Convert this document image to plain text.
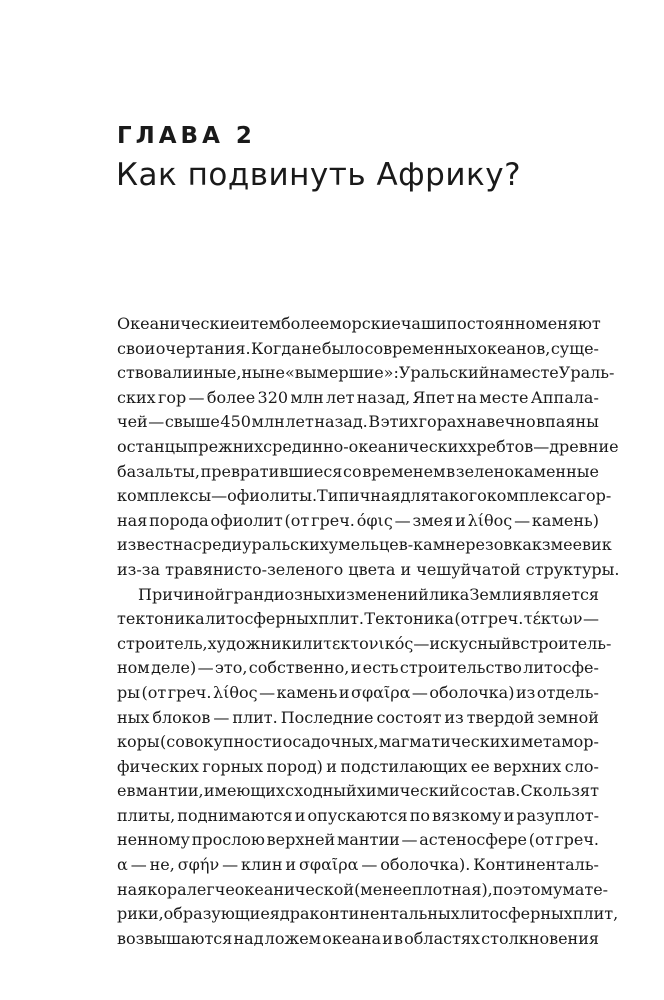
ГЛАВА 2
Как подвинуть Африку?
Океанические и тем более морские чаши постоянно меняют
свои очертания. Когда не было современных океанов, суще-
ствовали иные, ныне «вымершие»: Уральский на месте Ураль-
ских гор — более 320 млн лет назад, Япет на месте Аппала-
чей — свыше 450 млн лет назад. В этих горах навечно впаяны
останцы прежних срединно-океанических хребтов — древние
базальты, превратившиеся со временем в зеленокаменные
комплексы — офиолиты. Типичная для такого комплекса гор-
ная порода офиолит (от греч. όφις — змея и λίθος — камень)
известна среди уральских умельцев-камнерезов как змеевик
из-за травянисто-зеленого цвета и чешуйчатой структуры.
Причиной грандиозных изменений лика Земли является
тектоника литосферных плит. Тектоника (от греч. τέκτων —
строитель, художник или τεκτονικός — искусный в строитель-
ном деле) — это, собственно, и есть строительство литосфе-
ры (от греч. λίθος — камень и σφαῖρα — оболочка) из отдель-
ных блоков — плит. Последние состоят из твердой земной
коры (совокупности осадочных, магматических и метамор-
фических горных пород) и подстилающих ее верхних сло-
ев мантии, имеющих сходный химический состав. Скользят
плиты, поднимаются и опускаются по вязкому и разуплот-
ненному прослою верхней мантии — астеносфере (от греч.
α — не, σφήν — клин и σφαῖρα — оболочка). Континенталь-
ная кора легче океанической (менее плотная), поэтому мате-
рики, образующие ядра континентальных литосферных плит,
возвышаются над ложем океана и в областях столкновения
